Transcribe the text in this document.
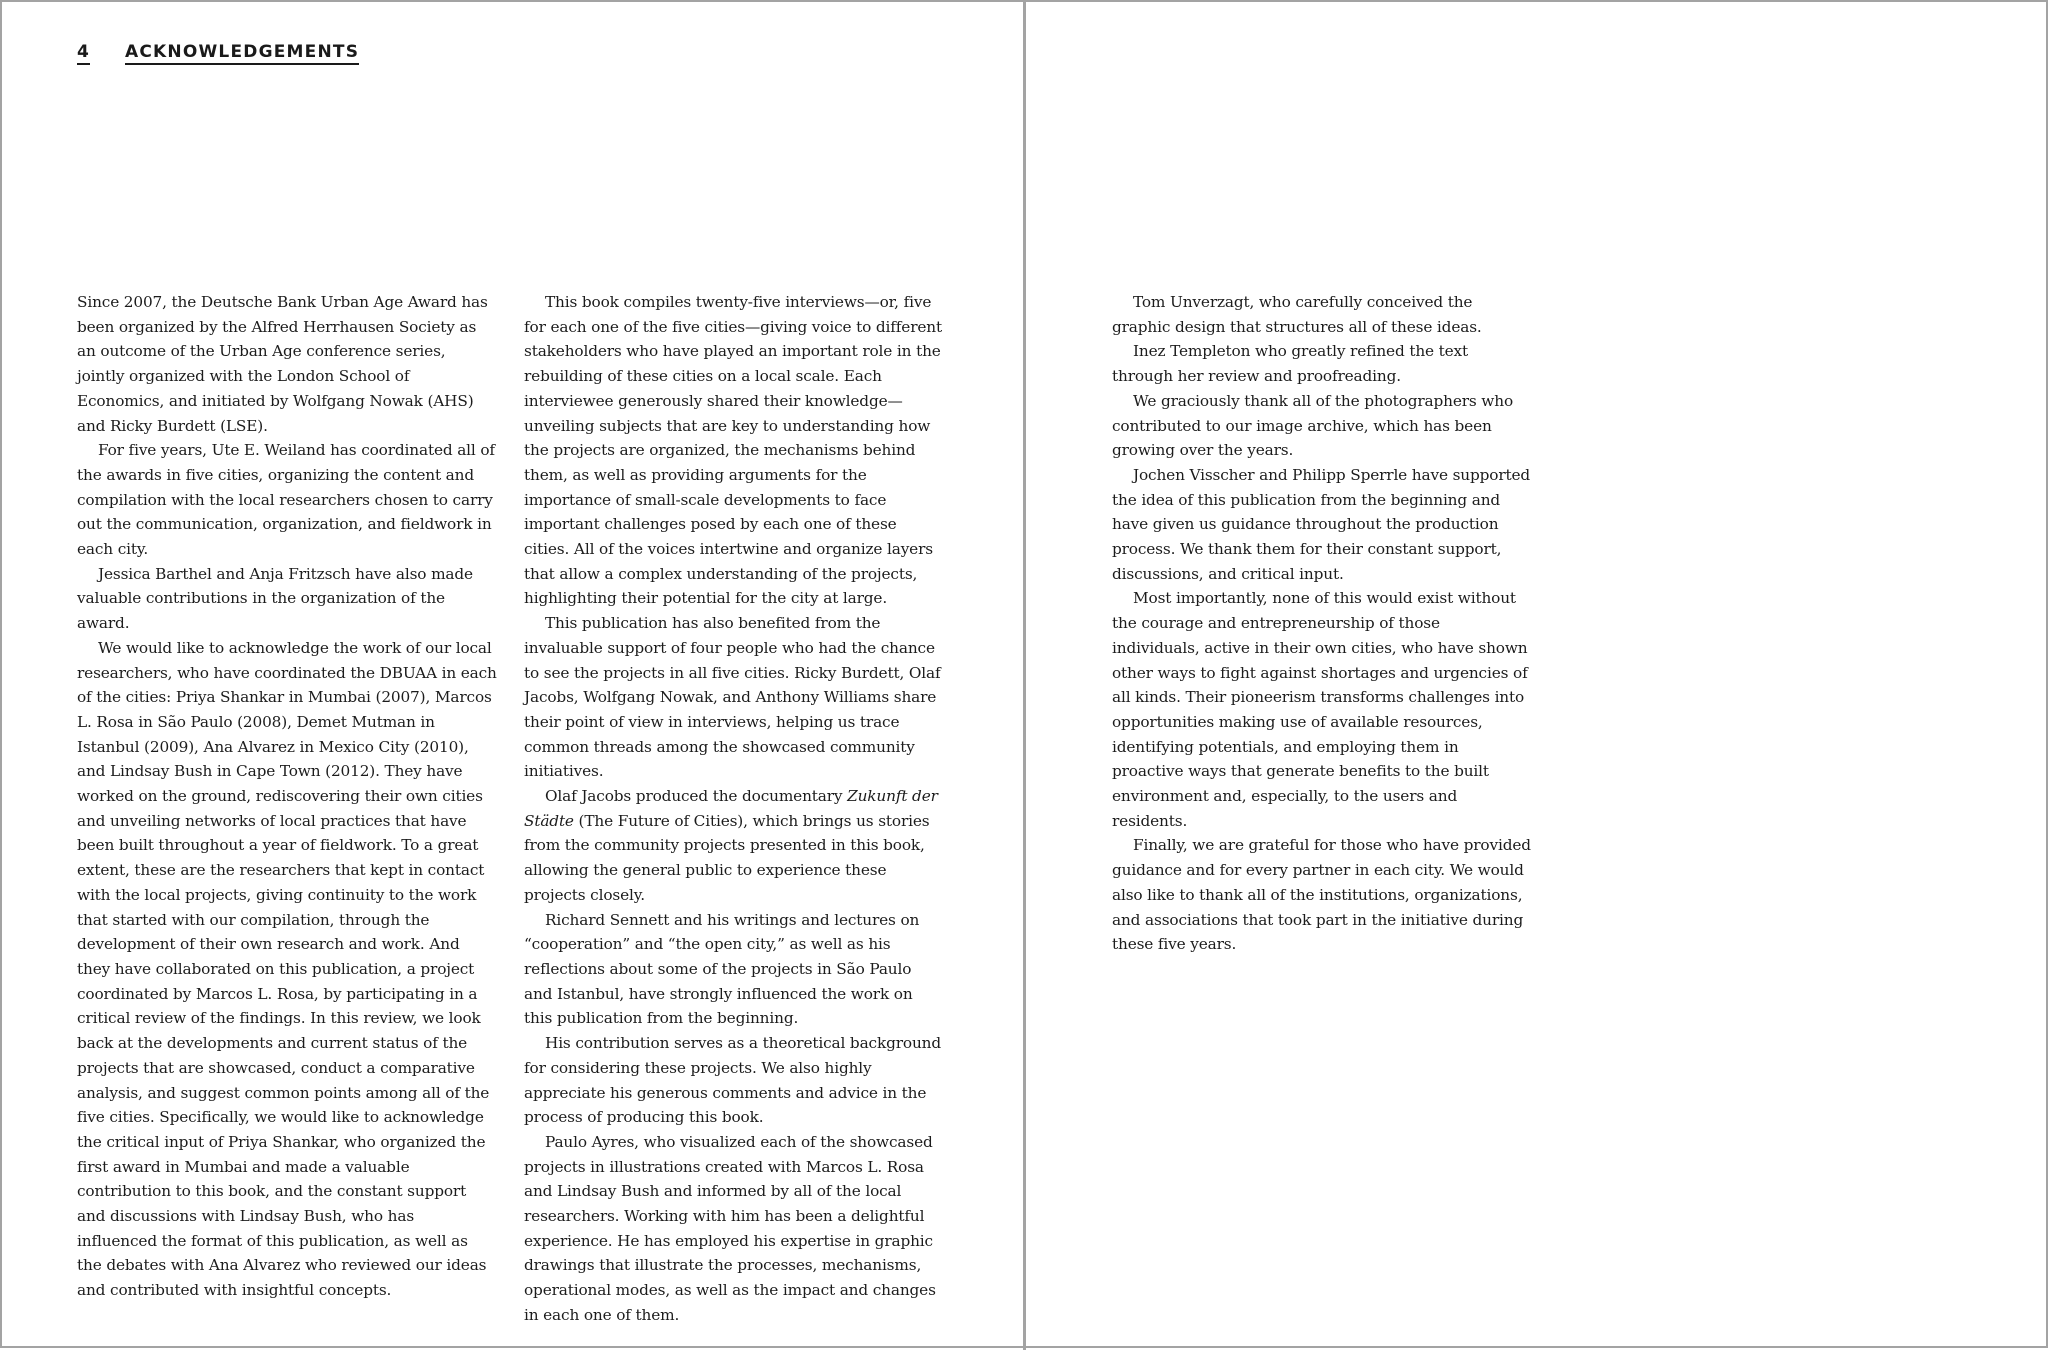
4 ACKNOWLEDGEMENTS

Since 2007, the Deutsche Bank Urban Age Award has been organized by the Alfred Herrhausen Society as an outcome of the Urban Age conference series, jointly organized with the London School of Economics, and initiated by Wolfgang Nowak (AHS) and Ricky Burdett (LSE).

For five years, Ute E. Weiland has coordinated all of the awards in five cities, organizing the content and compilation with the local researchers chosen to carry out the communication, organization, and fieldwork in each city.

Jessica Barthel and Anja Fritzsch have also made valuable contributions in the organization of the award.

We would like to acknowledge the work of our local researchers, who have coordinated the DBUAA in each of the cities: Priya Shankar in Mumbai (2007), Marcos L. Rosa in São Paulo (2008), Demet Mutman in Istanbul (2009), Ana Alvarez in Mexico City (2010), and Lindsay Bush in Cape Town (2012). They have worked on the ground, rediscovering their own cities and unveiling networks of local practices that have been built throughout a year of fieldwork. To a great extent, these are the researchers that kept in contact with the local projects, giving continuity to the work that started with our compilation, through the development of their own research and work. And they have collaborated on this publication, a project coordinated by Marcos L. Rosa, by participating in a critical review of the findings. In this review, we look back at the developments and current status of the projects that are showcased, conduct a comparative analysis, and suggest common points among all of the five cities. Specifically, we would like to acknowledge the critical input of Priya Shankar, who organized the first award in Mumbai and made a valuable contribution to this book, and the constant support and discussions with Lindsay Bush, who has influenced the format of this publication, as well as the debates with Ana Alvarez who reviewed our ideas and contributed with insightful concepts.

This book compiles twenty-five interviews—or, five for each one of the five cities—giving voice to different stakeholders who have played an important role in the rebuilding of these cities on a local scale. Each interviewee generously shared their knowledge—unveiling subjects that are key to understanding how the projects are organized, the mechanisms behind them, as well as providing arguments for the importance of small-scale developments to face important challenges posed by each one of these cities. All of the voices intertwine and organize layers that allow a complex understanding of the projects, highlighting their potential for the city at large.

This publication has also benefited from the invaluable support of four people who had the chance to see the projects in all five cities. Ricky Burdett, Olaf Jacobs, Wolfgang Nowak, and Anthony Williams share their point of view in interviews, helping us trace common threads among the showcased community initiatives.

Olaf Jacobs produced the documentary Zukunft der Städte (The Future of Cities), which brings us stories from the community projects presented in this book, allowing the general public to experience these projects closely.

Richard Sennett and his writings and lectures on “cooperation” and “the open city,” as well as his reflections about some of the projects in São Paulo and Istanbul, have strongly influenced the work on this publication from the beginning.

His contribution serves as a theoretical background for considering these projects. We also highly appreciate his generous comments and advice in the process of producing this book.

Paulo Ayres, who visualized each of the showcased projects in illustrations created with Marcos L. Rosa and Lindsay Bush and informed by all of the local researchers. Working with him has been a delightful experience. He has employed his expertise in graphic drawings that illustrate the processes, mechanisms, operational modes, as well as the impact and changes in each one of them.

Tom Unverzagt, who carefully conceived the graphic design that structures all of these ideas.

Inez Templeton who greatly refined the text through her review and proofreading.

We graciously thank all of the photographers who contributed to our image archive, which has been growing over the years.

Jochen Visscher and Philipp Sperrle have supported the idea of this publication from the beginning and have given us guidance throughout the production process. We thank them for their constant support, discussions, and critical input.

Most importantly, none of this would exist without the courage and entrepreneurship of those individuals, active in their own cities, who have shown other ways to fight against shortages and urgencies of all kinds. Their pioneerism transforms challenges into opportunities making use of available resources, identifying potentials, and employing them in proactive ways that generate benefits to the built environment and, especially, to the users and residents.

Finally, we are grateful for those who have provided guidance and for every partner in each city. We would also like to thank all of the institutions, organizations, and associations that took part in the initiative during these five years.
